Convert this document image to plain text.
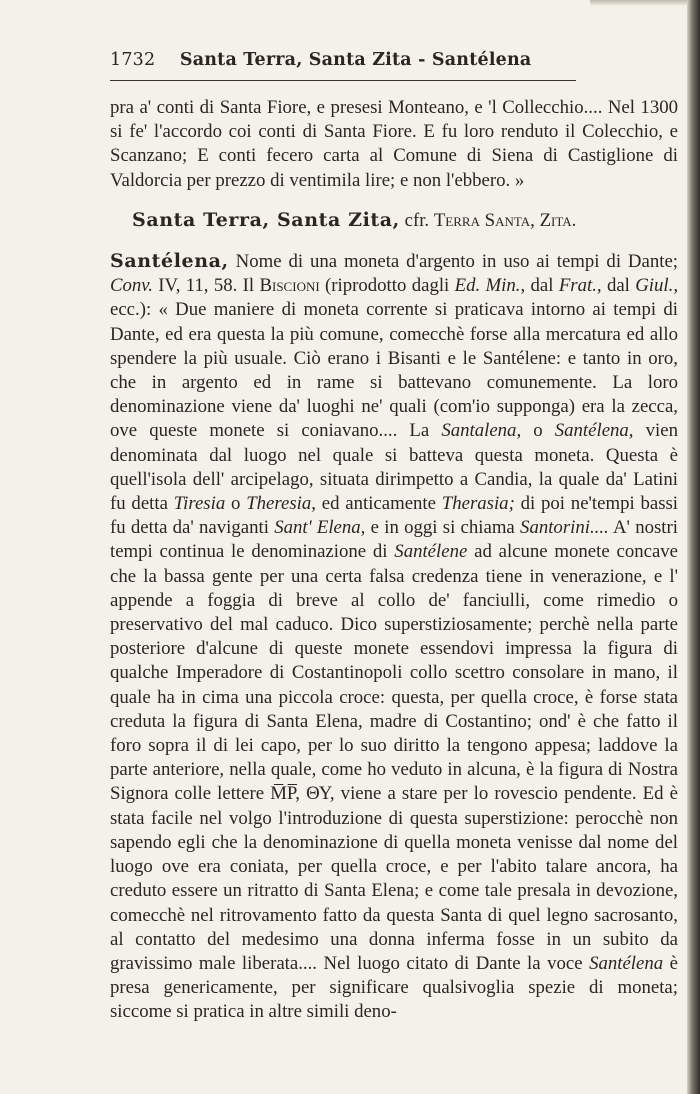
1732 Santa Terra, Santa Zita - Santélena

pra a' conti di Santa Fiore, e presesi Monteano, e 'l Collecchio.... Nel 1300 si fe' l'accordo coi conti di Santa Fiore. E fu loro renduto il Colecchio, e Scanzano; E conti fecero carta al Comune di Siena di Castiglione di Valdorcia per prezzo di ventimila lire; e non l'ebbero. »

Santa Terra, Santa Zita, cfr. Terra Santa, Zita.

Santélena, Nome di una moneta d'argento in uso ai tempi di Dante; Conv. IV, 11, 58. Il Biscioni (riprodotto dagli Ed. Min., dal Frat., dal Giul., ecc.): « Due maniere di moneta corrente si praticava intorno ai tempi di Dante, ed era questa la più comune, comecchè forse alla mercatura ed allo spendere la più usuale. Ciò erano i Bisanti e le Santélene: e tanto in oro, che in argento ed in rame si battevano comunemente. La loro denominazione viene da' luoghi ne' quali (com'io supponga) era la zecca, ove queste monete si coniavano.... La Santalena, o Santélena, vien denominata dal luogo nel quale si batteva questa moneta. Questa è quell'isola dell' arcipelago, situata dirimpetto a Candia, la quale da' Latini fu detta Tiresia o Theresia, ed anticamente Therasia; di poi ne'tempi bassi fu detta da' naviganti Sant' Elena, e in oggi si chiama Santorini.... A' nostri tempi continua le denominazione di Santélene ad alcune monete concave che la bassa gente per una certa falsa credenza tiene in venerazione, e l' appende a foggia di breve al collo de' fanciulli, come rimedio o preservativo del mal caduco. Dico superstiziosamente; perchè nella parte posteriore d'alcune di queste monete essendovi impressa la figura di qualche Imperadore di Costantinopoli collo scettro consolare in mano, il quale ha in cima una piccola croce: questa, per quella croce, è forse stata creduta la figura di Santa Elena, madre di Costantino; ond' è che fatto il foro sopra il di lei capo, per lo suo diritto la tengono appesa; laddove la parte anteriore, nella quale, come ho veduto in alcuna, è la figura di Nostra Signora colle lettere M̅P̅, ΘΥ, viene a stare per lo rovescio pendente. Ed è stata facile nel volgo l'introduzione di questa superstizione: perocchè non sapendo egli che la denominazione di quella moneta venisse dal nome del luogo ove era coniata, per quella croce, e per l'abito talare ancora, ha creduto essere un ritratto di Santa Elena; e come tale presala in devozione, comecchè nel ritrovamento fatto da questa Santa di quel legno sacrosanto, al contatto del medesimo una donna inferma fosse in un subito da gravissimo male liberata.... Nel luogo citato di Dante la voce Santélena è presa genericamente, per significare qualsivoglia spezie di moneta; siccome si pratica in altre simili deno-
